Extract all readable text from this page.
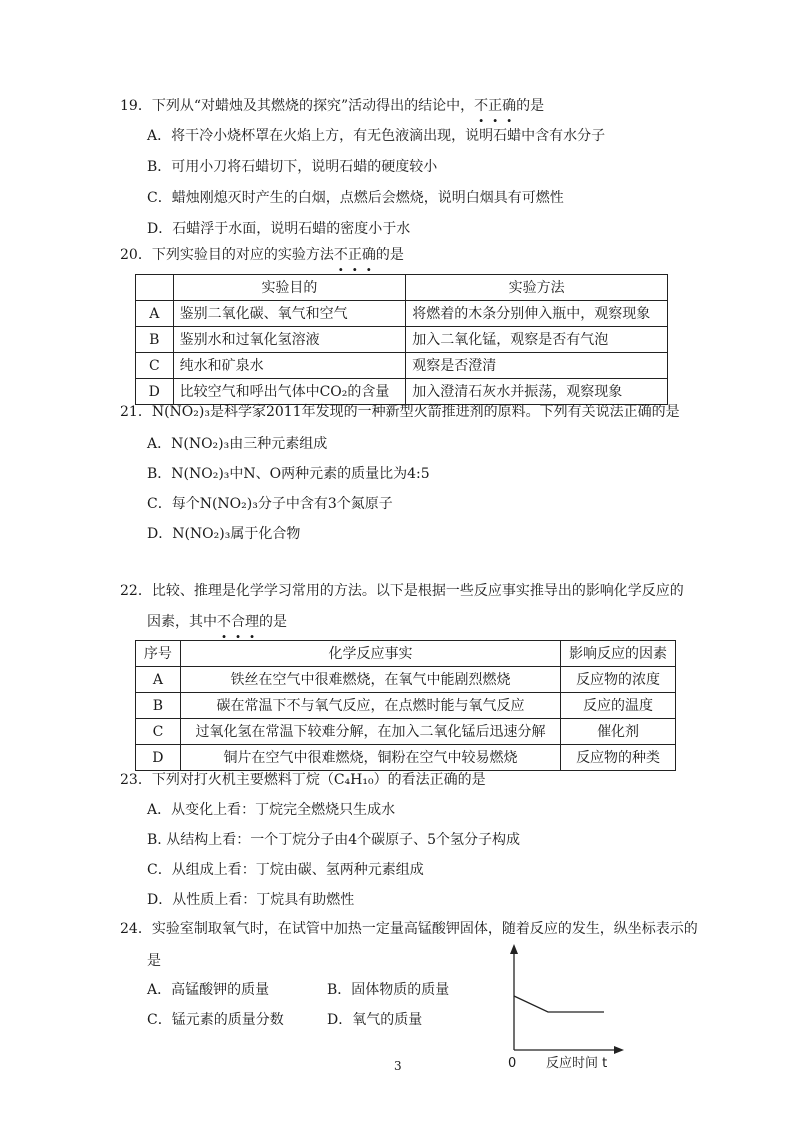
19．下列从“对蜡烛及其燃烧的探究”活动得出的结论中，不正确的是
A．将干冷小烧杯罩在火焰上方，有无色液滴出现，说明石蜡中含有水分子
B．可用小刀将石蜡切下，说明石蜡的硬度较小
C．蜡烛刚熄灭时产生的白烟，点燃后会燃烧，说明白烟具有可燃性
D．石蜡浮于水面，说明石蜡的密度小于水
20．下列实验目的对应的实验方法不正确的是
	实验目的	实验方法
A	鉴别二氧化碳、氧气和空气	将燃着的木条分别伸入瓶中，观察现象
B	鉴别水和过氧化氢溶液	加入二氧化锰，观察是否有气泡
C	纯水和矿泉水	观察是否澄清
D	比较空气和呼出气体中CO₂的含量	加入澄清石灰水并振荡，观察现象
21．N(NO₂)₃是科学家2011年发现的一种新型火箭推进剂的原料。下列有关说法正确的是
A．N(NO₂)₃由三种元素组成
B．N(NO₂)₃中N、O两种元素的质量比为4:5
C．每个N(NO₂)₃分子中含有3个氮原子
D．N(NO₂)₃属于化合物
22．比较、推理是化学学习常用的方法。以下是根据一些反应事实推导出的影响化学反应的
因素，其中不合理的是
序号	化学反应事实	影响反应的因素
A	铁丝在空气中很难燃烧，在氧气中能剧烈燃烧	反应物的浓度
B	碳在常温下不与氧气反应，在点燃时能与氧气反应	反应的温度
C	过氧化氢在常温下较难分解，在加入二氧化锰后迅速分解	催化剂
D	铜片在空气中很难燃烧，铜粉在空气中较易燃烧	反应物的种类
23．下列对打火机主要燃料丁烷（C₄H₁₀）的看法正确的是
A．从变化上看：丁烷完全燃烧只生成水
B. 从结构上看：一个丁烷分子由4个碳原子、5个氢分子构成
C．从组成上看：丁烷由碳、氢两种元素组成
D．从性质上看：丁烷具有助燃性
24．实验室制取氧气时，在试管中加热一定量高锰酸钾固体，随着反应的发生，纵坐标表示的
是
A．高锰酸钾的质量	B．固体物质的质量
C．锰元素的质量分数	D．氧气的质量
0 反应时间 t
3
